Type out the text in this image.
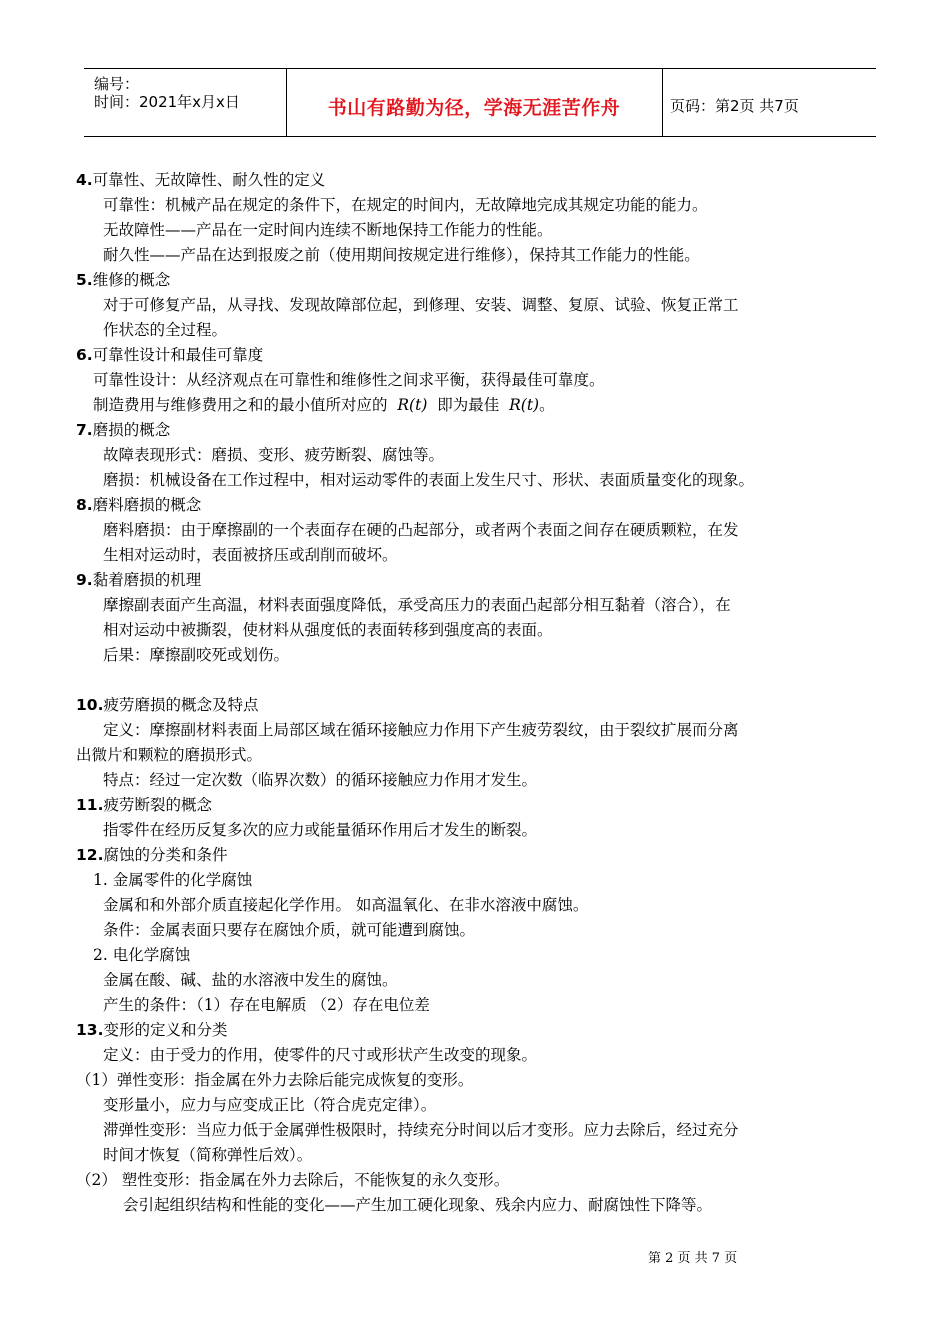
编号：
时间：2021年x月x日	书山有路勤为径，学海无涯苦作舟	页码：第2页 共7页
4.可靠性、无故障性、耐久性的定义
可靠性：机械产品在规定的条件下，在规定的时间内，无故障地完成其规定功能的能力。
无故障性——产品在一定时间内连续不断地保持工作能力的性能。
耐久性——产品在达到报废之前（使用期间按规定进行维修），保持其工作能力的性能。
5.维修的概念
对于可修复产品，从寻找、发现故障部位起，到修理、安装、调整、复原、试验、恢复正常工
作状态的全过程。
6.可靠性设计和最佳可靠度
可靠性设计：从经济观点在可靠性和维修性之间求平衡，获得最佳可靠度。
制造费用与维修费用之和的最小值所对应的 R(t) 即为最佳 R(t)。
7.磨损的概念
故障表现形式：磨损、变形、疲劳断裂、腐蚀等。
磨损：机械设备在工作过程中，相对运动零件的表面上发生尺寸、形状、表面质量变化的现象。
8.磨料磨损的概念
磨料磨损：由于摩擦副的一个表面存在硬的凸起部分，或者两个表面之间存在硬质颗粒，在发
生相对运动时，表面被挤压或刮削而破坏。
9.黏着磨损的机理
摩擦副表面产生高温，材料表面强度降低，承受高压力的表面凸起部分相互黏着（溶合），在
相对运动中被撕裂，使材料从强度低的表面转移到强度高的表面。
后果：摩擦副咬死或划伤。
10.疲劳磨损的概念及特点
定义：摩擦副材料表面上局部区域在循环接触应力作用下产生疲劳裂纹，由于裂纹扩展而分离
出微片和颗粒的磨损形式。
特点：经过一定次数（临界次数）的循环接触应力作用才发生。
11.疲劳断裂的概念
指零件在经历反复多次的应力或能量循环作用后才发生的断裂。
12.腐蚀的分类和条件
1. 金属零件的化学腐蚀
金属和和外部介质直接起化学作用。 如高温氧化、在非水溶液中腐蚀。
条件：金属表面只要存在腐蚀介质，就可能遭到腐蚀。
2. 电化学腐蚀
金属在酸、碱、盐的水溶液中发生的腐蚀。
产生的条件：（1）存在电解质 （2）存在电位差
13.变形的定义和分类
定义：由于受力的作用，使零件的尺寸或形状产生改变的现象。
（1）弹性变形：指金属在外力去除后能完成恢复的变形。
变形量小，应力与应变成正比（符合虎克定律）。
滞弹性变形：当应力低于金属弹性极限时，持续充分时间以后才变形。应力去除后，经过充分
时间才恢复（简称弹性后效）。
（2） 塑性变形：指金属在外力去除后，不能恢复的永久变形。
会引起组织结构和性能的变化——产生加工硬化现象、残余内应力、耐腐蚀性下降等。
第 2 页 共 7 页
